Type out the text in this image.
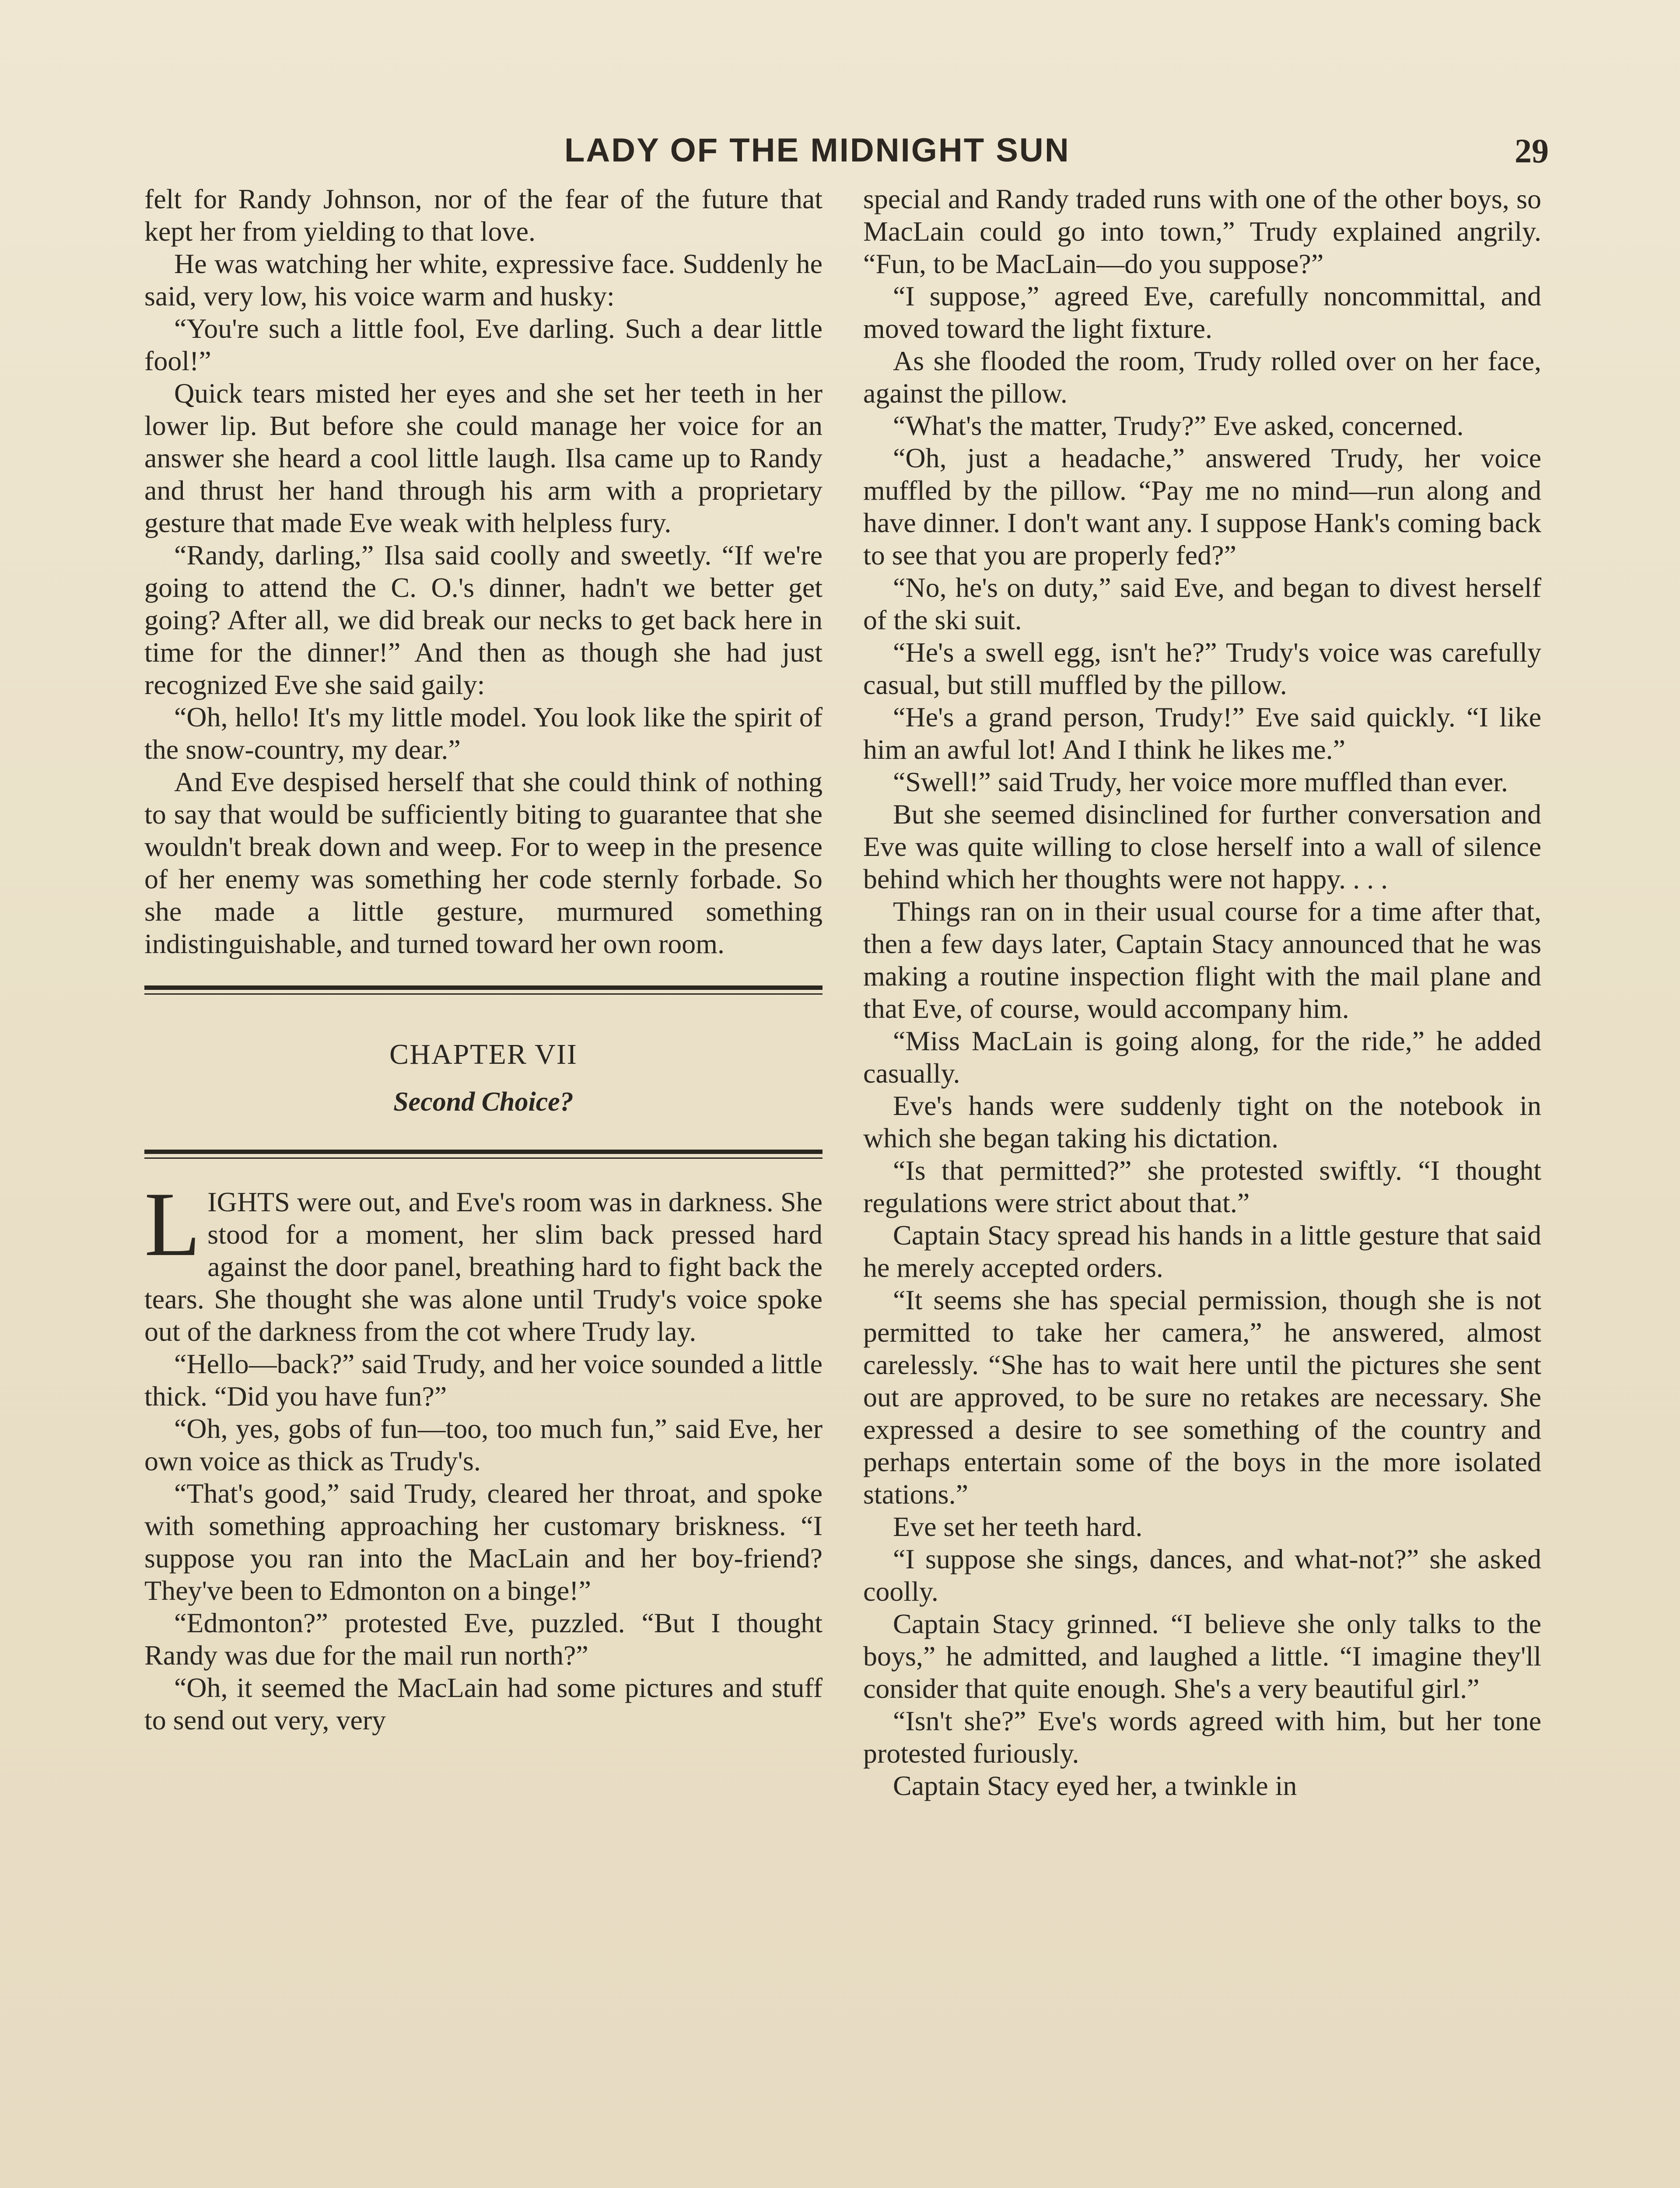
LADY OF THE MIDNIGHT SUN	29

felt for Randy Johnson, nor of the fear of the future that kept her from yielding to that love.

He was watching her white, expressive face. Suddenly he said, very low, his voice warm and husky:

“You're such a little fool, Eve darling. Such a dear little fool!”

Quick tears misted her eyes and she set her teeth in her lower lip. But before she could manage her voice for an answer she heard a cool little laugh. Ilsa came up to Randy and thrust her hand through his arm with a proprietary gesture that made Eve weak with helpless fury.

“Randy, darling,” Ilsa said coolly and sweetly. “If we're going to attend the C. O.'s dinner, hadn't we better get going? After all, we did break our necks to get back here in time for the dinner!” And then as though she had just recognized Eve she said gaily:

“Oh, hello! It's my little model. You look like the spirit of the snow-country, my dear.”

And Eve despised herself that she could think of nothing to say that would be sufficiently biting to guarantee that she wouldn't break down and weep. For to weep in the presence of her enemy was something her code sternly forbade. So she made a little gesture, murmured something indistinguishable, and turned toward her own room.

CHAPTER VII
Second Choice?

LIGHTS were out, and Eve's room was in darkness. She stood for a moment, her slim back pressed hard against the door panel, breathing hard to fight back the tears. She thought she was alone until Trudy's voice spoke out of the darkness from the cot where Trudy lay.

“Hello—back?” said Trudy, and her voice sounded a little thick. “Did you have fun?”

“Oh, yes, gobs of fun—too, too much fun,” said Eve, her own voice as thick as Trudy's.

“That's good,” said Trudy, cleared her throat, and spoke with something approaching her customary briskness. “I suppose you ran into the MacLain and her boy-friend? They've been to Edmonton on a binge!”

“Edmonton?” protested Eve, puzzled. “But I thought Randy was due for the mail run north?”

“Oh, it seemed the MacLain had some pictures and stuff to send out very, very

special and Randy traded runs with one of the other boys, so MacLain could go into town,” Trudy explained angrily. “Fun, to be MacLain—do you suppose?”

“I suppose,” agreed Eve, carefully noncommittal, and moved toward the light fixture.

As she flooded the room, Trudy rolled over on her face, against the pillow.

“What's the matter, Trudy?” Eve asked, concerned.

“Oh, just a headache,” answered Trudy, her voice muffled by the pillow. “Pay me no mind—run along and have dinner. I don't want any. I suppose Hank's coming back to see that you are properly fed?”

“No, he's on duty,” said Eve, and began to divest herself of the ski suit.

“He's a swell egg, isn't he?” Trudy's voice was carefully casual, but still muffled by the pillow.

“He's a grand person, Trudy!” Eve said quickly. “I like him an awful lot! And I think he likes me.”

“Swell!” said Trudy, her voice more muffled than ever.

But she seemed disinclined for further conversation and Eve was quite willing to close herself into a wall of silence behind which her thoughts were not happy. . . .

Things ran on in their usual course for a time after that, then a few days later, Captain Stacy announced that he was making a routine inspection flight with the mail plane and that Eve, of course, would accompany him.

“Miss MacLain is going along, for the ride,” he added casually.

Eve's hands were suddenly tight on the notebook in which she began taking his dictation.

“Is that permitted?” she protested swiftly. “I thought regulations were strict about that.”

Captain Stacy spread his hands in a little gesture that said he merely accepted orders.

“It seems she has special permission, though she is not permitted to take her camera,” he answered, almost carelessly. “She has to wait here until the pictures she sent out are approved, to be sure no retakes are necessary. She expressed a desire to see something of the country and perhaps entertain some of the boys in the more isolated stations.”

Eve set her teeth hard.

“I suppose she sings, dances, and what-not?” she asked coolly.

Captain Stacy grinned. “I believe she only talks to the boys,” he admitted, and laughed a little. “I imagine they'll consider that quite enough. She's a very beautiful girl.”

“Isn't she?” Eve's words agreed with him, but her tone protested furiously.

Captain Stacy eyed her, a twinkle in
